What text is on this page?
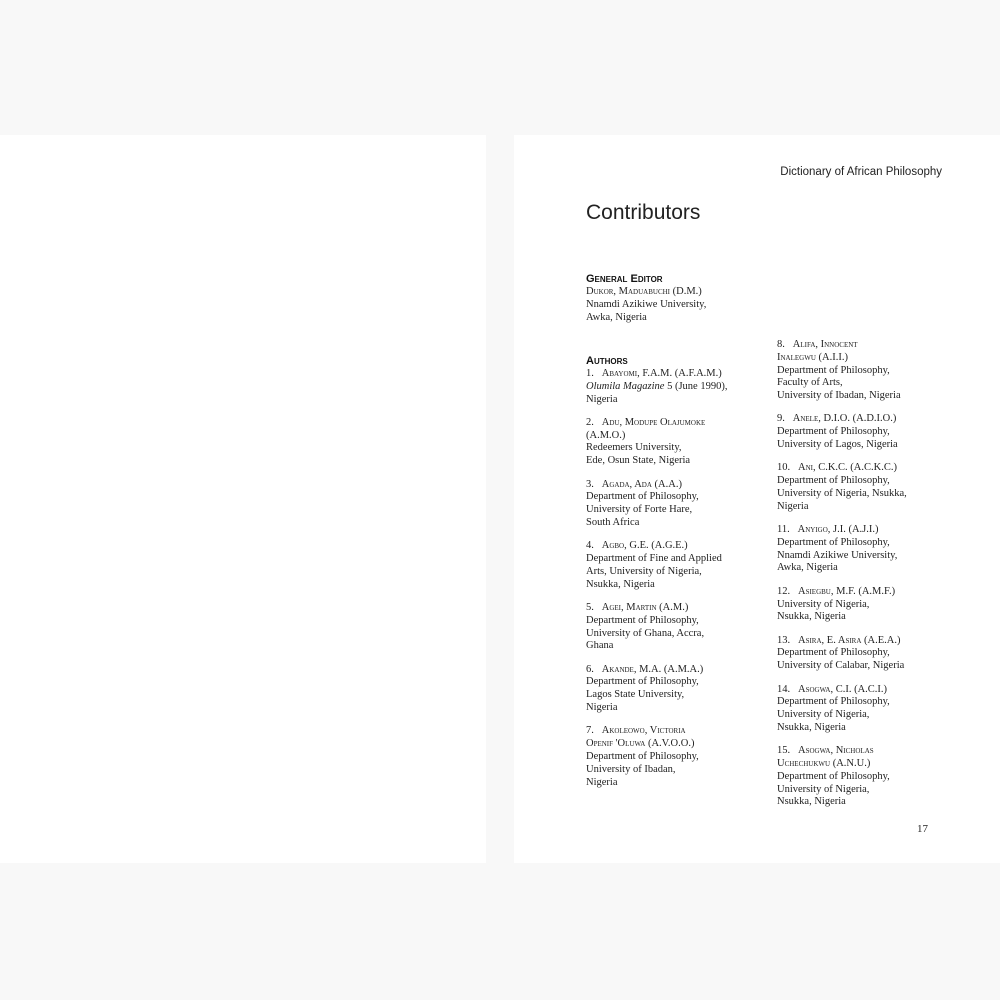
Dictionary of African Philosophy
Contributors
General Editor
Dukor, Maduabuchi (D.M.)
Nnamdi Azikiwe University,
Awka, Nigeria
Authors
1. Abayomi, F.A.M. (A.F.A.M.)
Olumila Magazine 5 (June 1990),
Nigeria
2. Adu, Modupe Olajumoke
(A.M.O.)
Redeemers University,
Ede, Osun State, Nigeria
3. Agada, Ada (A.A.)
Department of Philosophy,
University of Forte Hare,
South Africa
4. Agbo, G.E. (A.G.E.)
Department of Fine and Applied
Arts, University of Nigeria,
Nsukka, Nigeria
5. Agei, Martin (A.M.)
Department of Philosophy,
University of Ghana, Accra,
Ghana
6. Akande, M.A. (A.M.A.)
Department of Philosophy,
Lagos State University,
Nigeria
7. Akoleowo, Victoria
Openif 'Oluwa (A.V.O.O.)
Department of Philosophy,
University of Ibadan,
Nigeria
8. Alifa, Innocent
Inalegwu (A.I.I.)
Department of Philosophy,
Faculty of Arts,
University of Ibadan, Nigeria
9. Anele, D.I.O. (A.D.I.O.)
Department of Philosophy,
University of Lagos, Nigeria
10. Ani, C.K.C. (A.C.K.C.)
Department of Philosophy,
University of Nigeria, Nsukka,
Nigeria
11. Anyigo, J.I. (A.J.I.)
Department of Philosophy,
Nnamdi Azikiwe University,
Awka, Nigeria
12. Asiegbu, M.F. (A.M.F.)
University of Nigeria,
Nsukka, Nigeria
13. Asira, E. Asira (A.E.A.)
Department of Philosophy,
University of Calabar, Nigeria
14. Asogwa, C.I. (A.C.I.)
Department of Philosophy,
University of Nigeria,
Nsukka, Nigeria
15. Asogwa, Nicholas
Uchechukwu (A.N.U.)
Department of Philosophy,
University of Nigeria,
Nsukka, Nigeria
17
